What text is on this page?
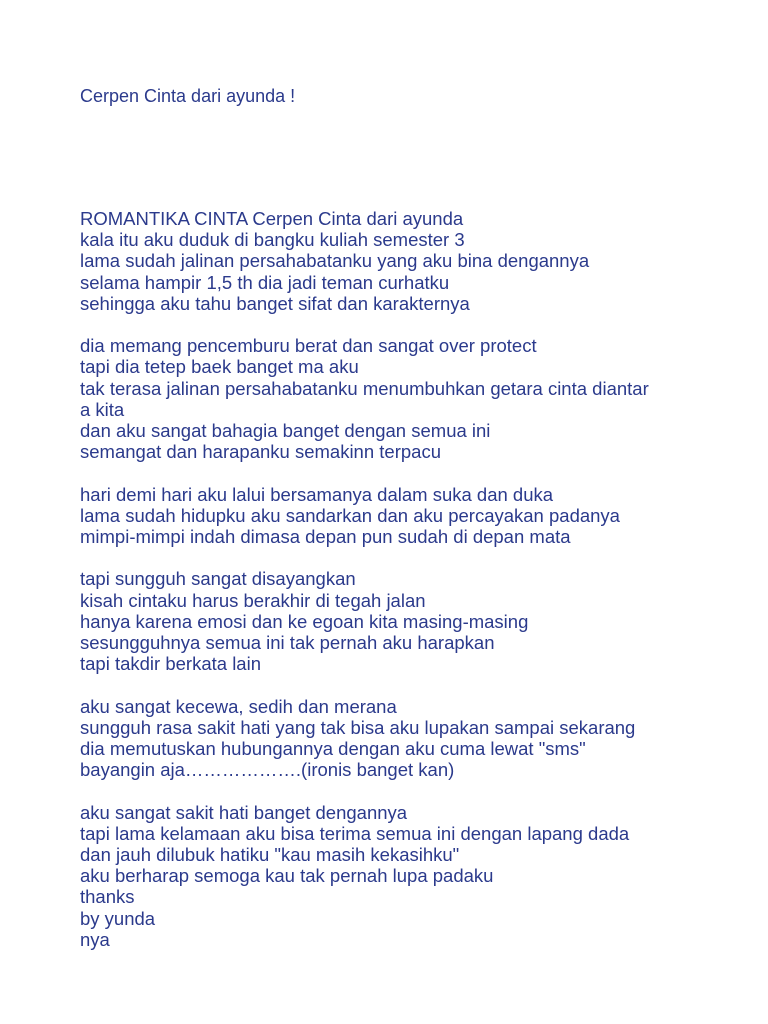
Cerpen Cinta dari ayunda !
ROMANTIKA CINTA Cerpen Cinta dari ayunda
kala itu aku duduk di bangku kuliah semester 3
lama sudah jalinan persahabatanku yang aku bina dengannya
selama hampir 1,5 th dia jadi teman curhatku
sehingga aku tahu banget sifat dan karakternya
dia memang pencemburu berat dan sangat over protect
tapi dia tetep baek banget ma aku
tak terasa jalinan persahabatanku menumbuhkan getara cinta diantar
a kita
dan aku sangat bahagia banget dengan semua ini
semangat dan harapanku semakinn terpacu
hari demi hari aku lalui bersamanya dalam suka dan duka
lama sudah hidupku aku sandarkan dan aku percayakan padanya
mimpi-mimpi indah dimasa depan pun sudah di depan mata
tapi sungguh sangat disayangkan
kisah cintaku harus berakhir di tegah jalan
hanya karena emosi dan ke egoan kita masing-masing
sesungguhnya semua ini tak pernah aku harapkan
tapi takdir berkata lain
aku sangat kecewa, sedih dan merana
sungguh rasa sakit hati yang tak bisa aku lupakan sampai sekarang
dia memutuskan hubungannya dengan aku cuma lewat "sms"
bayangin aja……………….(ironis banget kan)
aku sangat sakit hati banget dengannya
tapi lama kelamaan aku bisa terima semua ini dengan lapang dada
dan jauh dilubuk hatiku "kau masih kekasihku"
aku berharap semoga kau tak pernah lupa padaku
thanks
by yunda
nya
